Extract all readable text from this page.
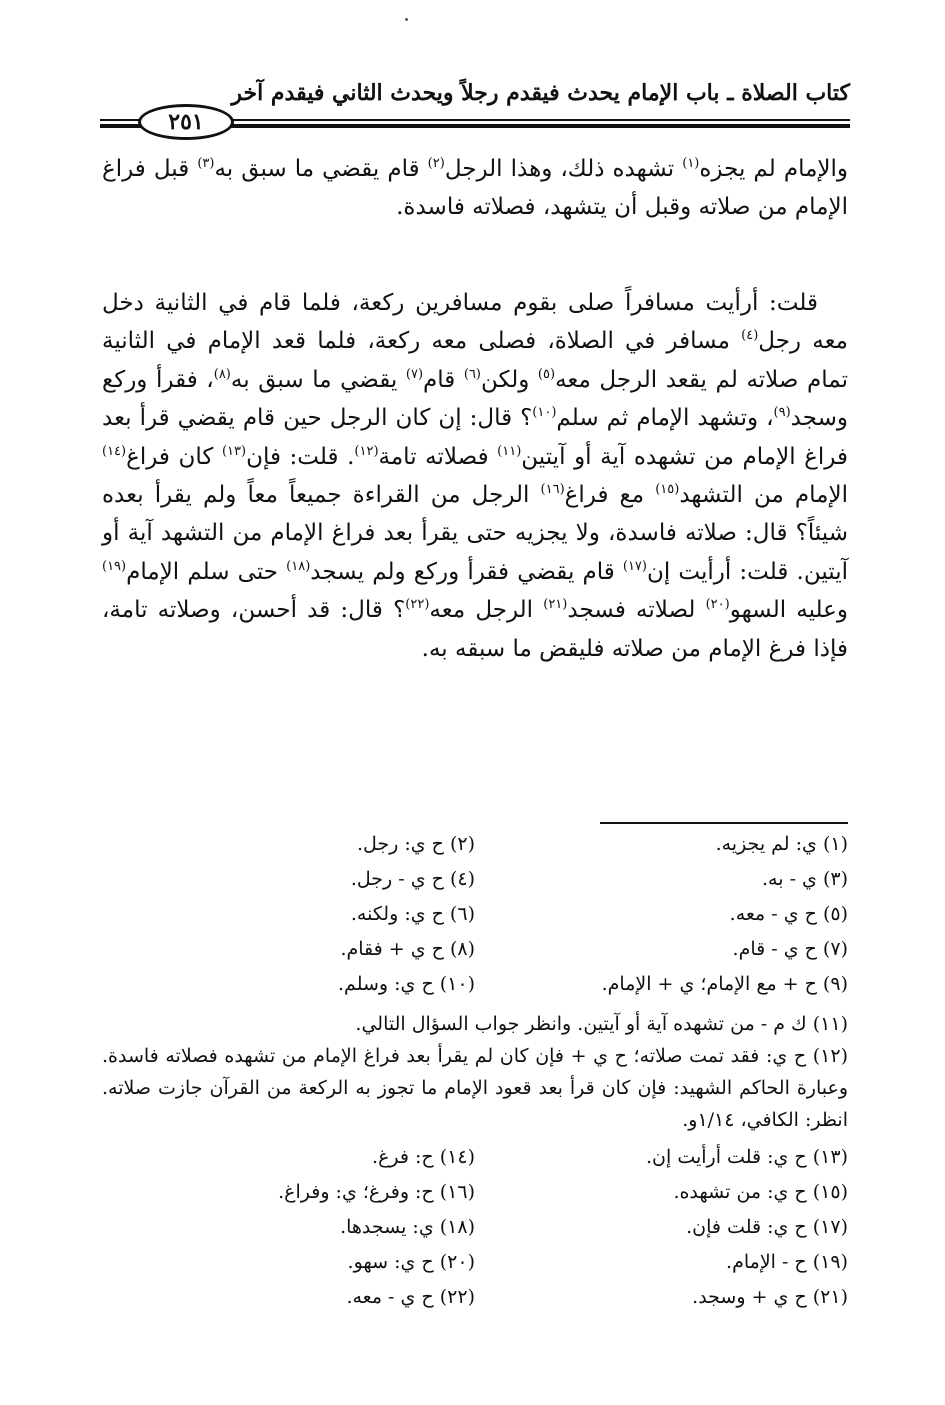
كتاب الصلاة ـ باب الإمام يحدث فيقدم رجلاً ويحدث الثاني فيقدم آخر
٢٥١
والإمام لم يجزه$^{(١)}$ تشهده ذلك، وهذا الرجل$^{(٢)}$ قام يقضي ما سبق به$^{(٣)}$ قبل فراغ الإمام من صلاته وقبل أن يتشهد، فصلاته فاسدة.
قلت: أرأيت مسافراً صلى بقوم مسافرين ركعة، فلما قام في الثانية دخل معه رجل$^{(٤)}$ مسافر في الصلاة، فصلى معه ركعة، فلما قعد الإمام في الثانية تمام صلاته لم يقعد الرجل معه$^{(٥)}$ ولكن$^{(٦)}$ قام$^{(٧)}$ يقضي ما سبق به$^{(٨)}$، فقرأ وركع وسجد$^{(٩)}$، وتشهد الإمام ثم سلم$^{(١٠)}$؟ قال: إن كان الرجل حين قام يقضي قرأ بعد فراغ الإمام من تشهده آية أو آيتين$^{(١١)}$ فصلاته تامة$^{(١٢)}$. قلت: فإن$^{(١٣)}$ كان فراغ$^{(١٤)}$ الإمام من التشهد$^{(١٥)}$ مع فراغ$^{(١٦)}$ الرجل من القراءة جميعاً معاً ولم يقرأ بعده شيئاً؟ قال: صلاته فاسدة، ولا يجزيه حتى يقرأ بعد فراغ الإمام من التشهد آية أو آيتين. قلت: أرأيت إن$^{(١٧)}$ قام يقضي فقرأ وركع ولم يسجد$^{(١٨)}$ حتى سلم الإمام$^{(١٩)}$ وعليه السهو$^{(٢٠)}$ لصلاته فسجد$^{(٢١)}$ الرجل معه$^{(٢٢)}$؟ قال: قد أحسن، وصلاته تامة، فإذا فرغ الإمام من صلاته فليقض ما سبقه به.
(١) ي: لم يجزيه.
(٢) ح ي: رجل.
(٣) ي - به.
(٤) ح ي - رجل.
(٥) ح ي - معه.
(٦) ح ي: ولكنه.
(٧) ح ي - قام.
(٨) ح ي + فقام.
(٩) ح + مع الإمام؛ ي + الإمام.
(١٠) ح ي: وسلم.
(١١) ك م - من تشهده آية أو آيتين. وانظر جواب السؤال التالي.
(١٢) ح ي: فقد تمت صلاته؛ ح ي + فإن كان لم يقرأ بعد فراغ الإمام من تشهده فصلاته فاسدة. وعبارة الحاكم الشهيد: فإن كان قرأ بعد قعود الإمام ما تجوز به الركعة من القرآن جازت صلاته. انظر: الكافي، ١/١٤و.
(١٣) ح ي: قلت أرأيت إن.
(١٤) ح: فرغ.
(١٥) ح ي: من تشهده.
(١٦) ح: وفرغ؛ ي: وفراغ.
(١٧) ح ي: قلت فإن.
(١٨) ي: يسجدها.
(١٩) ح - الإمام.
(٢٠) ح ي: سهو.
(٢١) ح ي + وسجد.
(٢٢) ح ي - معه.
